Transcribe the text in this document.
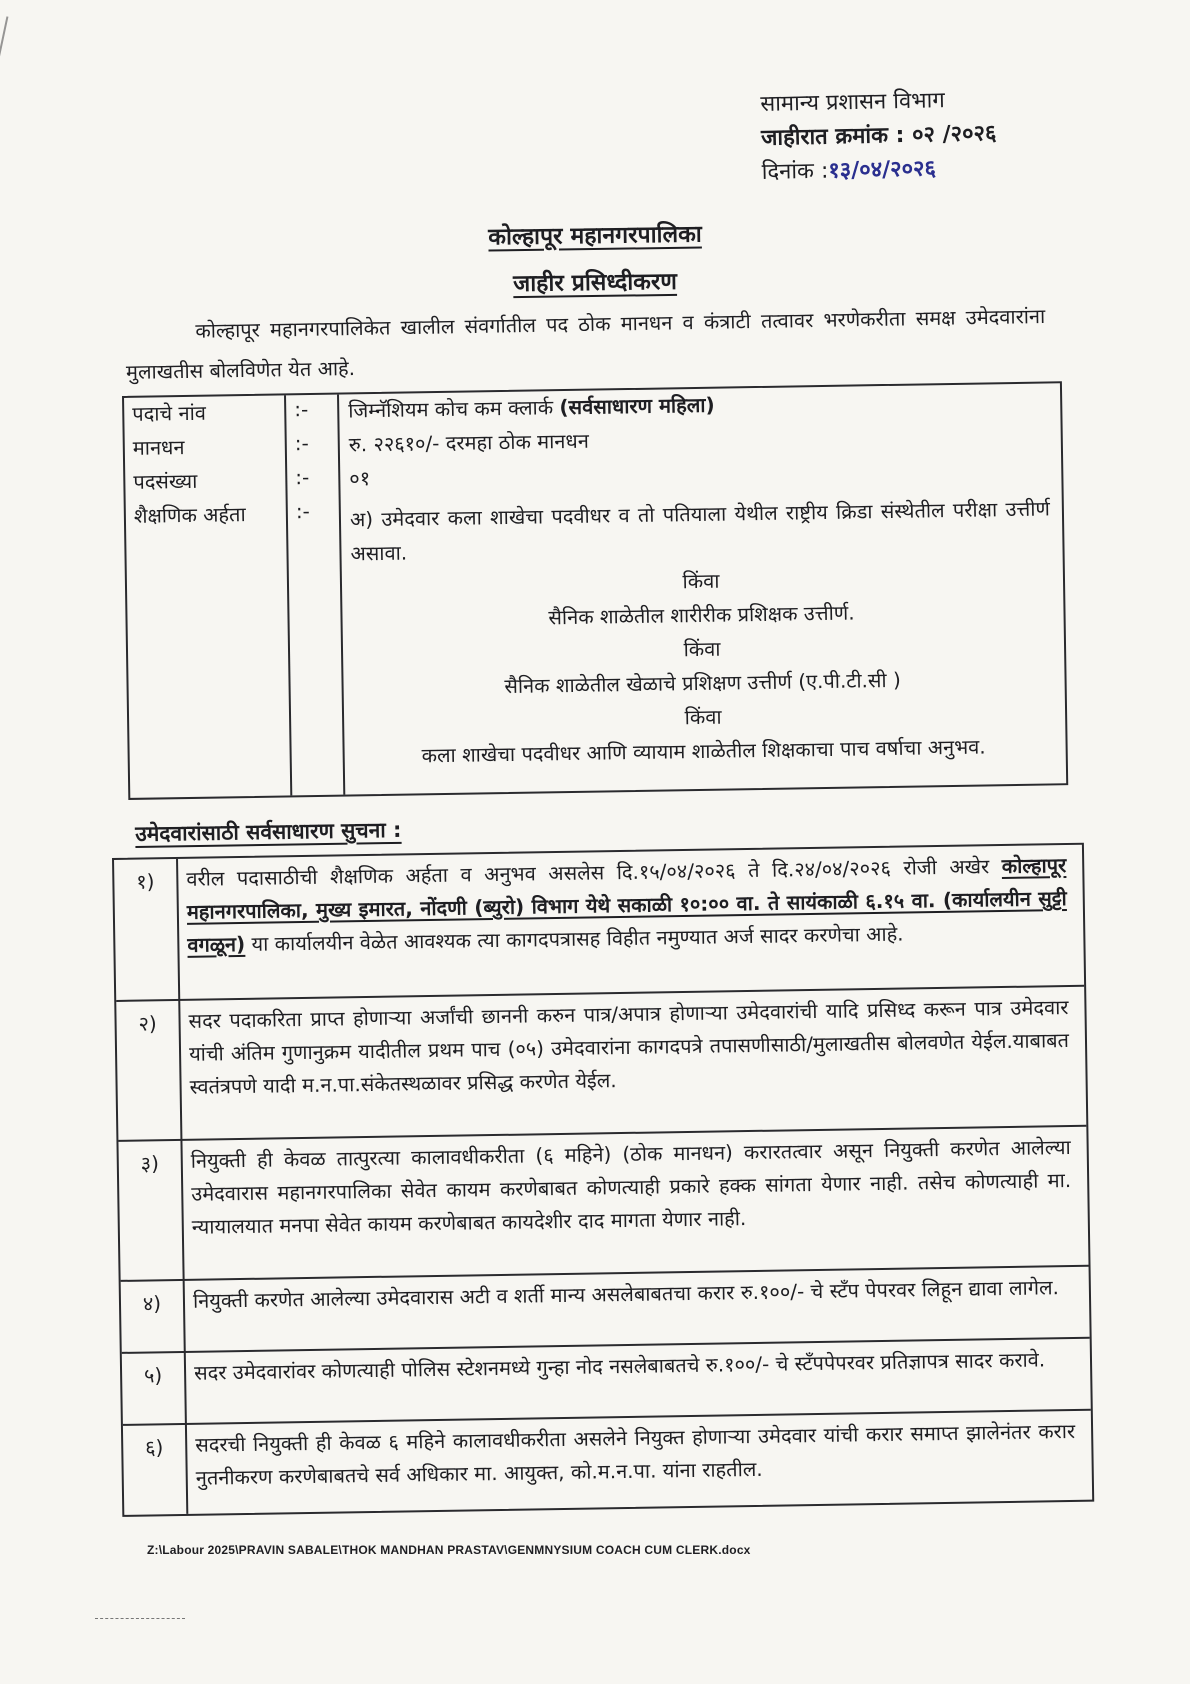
सामान्य प्रशासन विभाग
जाहीरात क्रमांक : ०२ /२०२६
दिनांक :१३/०४/२०२६
कोल्हापूर महानगरपालिका
जाहीर प्रसिध्दीकरण
कोल्हापूर महानगरपालिकेत खालील संवर्गातील पद ठोक मानधन व कंत्राटी तत्वावर भरणेकरीता समक्ष उमेदवारांना मुलाखतीस बोलविणेत येत आहे.
पदाचे नांव	:- जिम्नॅशियम कोच कम क्लार्क (सर्वसाधारण महिला)
मानधन	:- रु. २२६१०/- दरमहा ठोक मानधन
पदसंख्या	:- ०१
शैक्षणिक अर्हता :- अ) उमेदवार कला शाखेचा पदवीधर व तो पतियाला येथील राष्ट्रीय क्रिडा संस्थेतील परीक्षा उत्तीर्ण असावा.
किंवा
सैनिक शाळेतील शारीरीक प्रशिक्षक उत्तीर्ण.
किंवा
सैनिक शाळेतील खेळाचे प्रशिक्षण उत्तीर्ण (ए.पी.टी.सी )
किंवा
कला शाखेचा पदवीधर आणि व्यायाम शाळेतील शिक्षकाचा पाच वर्षाचा अनुभव.
उमेदवारांसाठी सर्वसाधारण सुचना :
१)	वरील पदासाठीची शैक्षणिक अर्हता व अनुभव असलेस दि.१५/०४/२०२६ ते दि.२४/०४/२०२६ रोजी अखेर कोल्हापूर महानगरपालिका, मुख्य इमारत, नोंदणी (ब्युरो) विभाग येथे सकाळी १०:०० वा. ते सायंकाळी ६.१५ वा. (कार्यालयीन सुट्टी वगळून) या कार्यालयीन वेळेत आवश्यक त्या कागदपत्रासह विहीत नमुण्यात अर्ज सादर करणेचा आहे.
२)	सदर पदाकरिता प्राप्त होणाऱ्या अर्जांची छाननी करुन पात्र/अपात्र होणाऱ्या उमेदवारांची यादि प्रसिध्द करून पात्र उमेदवार यांची अंतिम गुणानुक्रम यादीतील प्रथम पाच (०५) उमेदवारांना कागदपत्रे तपासणीसाठी/मुलाखतीस बोलवणेत येईल.याबाबत स्वतंत्रपणे यादी म.न.पा.संकेतस्थळावर प्रसिद्ध करणेत येईल.
३)	नियुक्ती ही केवळ तात्पुरत्या कालावधीकरीता (६ महिने) (ठोक मानधन) करारतत्वार असून नियुक्ती करणेत आलेल्या उमेदवारास महानगरपालिका सेवेत कायम करणेबाबत कोणत्याही प्रकारे हक्क सांगता येणार नाही. तसेच कोणत्याही मा. न्यायालयात मनपा सेवेत कायम करणेबाबत कायदेशीर दाद मागता येणार नाही.
४)	नियुक्ती करणेत आलेल्या उमेदवारास अटी व शर्ती मान्य असलेबाबतचा करार रु.१००/- चे स्टॅंप पेपरवर लिहून द्यावा लागेल.
५)	सदर उमेदवारांवर कोणत्याही पोलिस स्टेशनमध्ये गुन्हा नोद नसलेबाबतचे रु.१००/- चे स्टॅंपपेपरवर प्रतिज्ञापत्र सादर करावे.
६)	सदरची नियुक्ती ही केवळ ६ महिने कालावधीकरीता असलेने नियुक्त होणाऱ्या उमेदवार यांची करार समाप्त झालेनंतर करार नुतनीकरण करणेबाबतचे सर्व अधिकार मा. आयुक्त, को.म.न.पा. यांना राहतील.
Z:\Labour 2025\PRAVIN SABALE\THOK MANDHAN PRASTAV\GENMNYSIUM COACH CUM CLERK.docx
